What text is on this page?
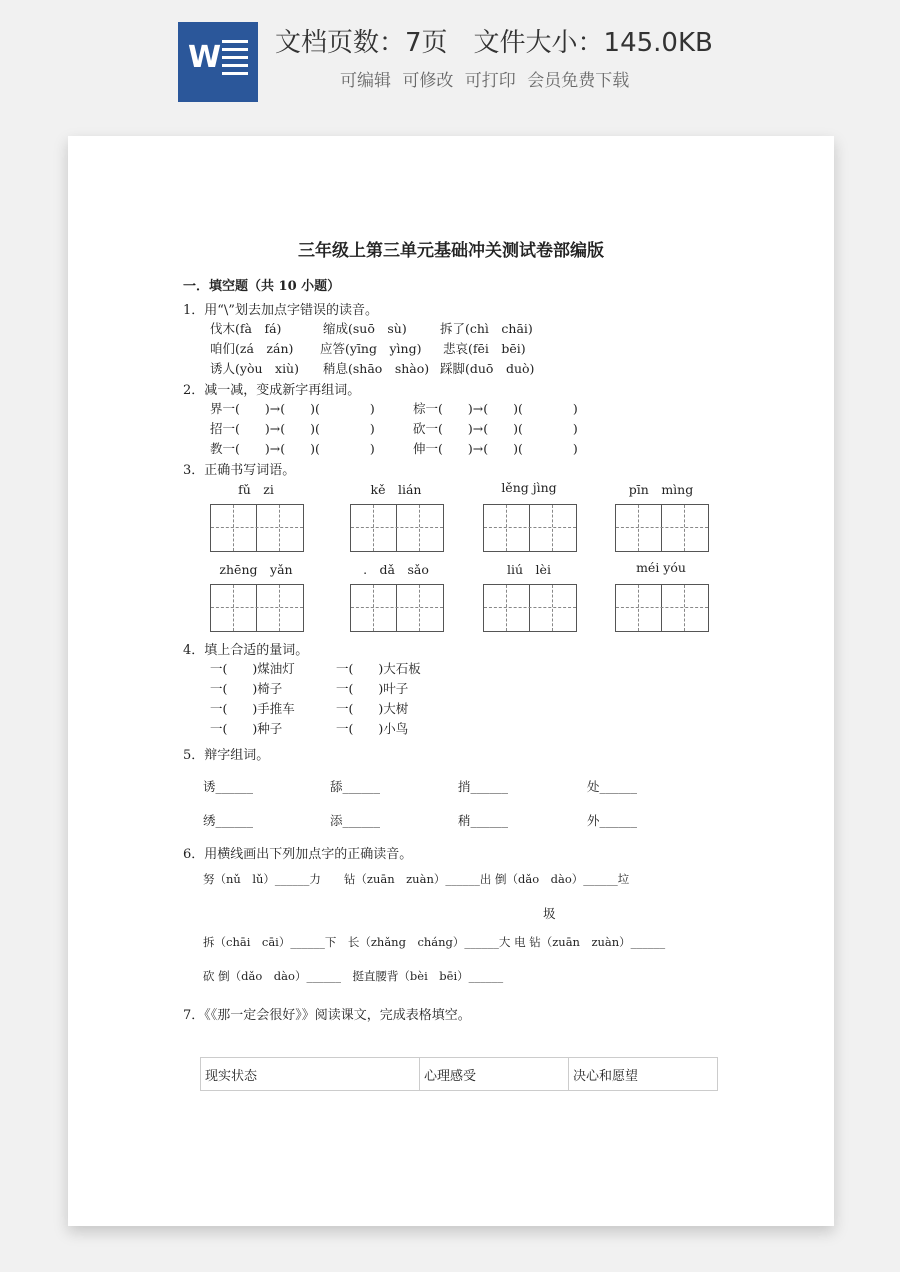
W 文档页数：7页　文件大小：145.0KB
可编辑 可修改 可打印 会员免费下载
三年级上第三单元基础冲关测试卷部编版
一．填空题（共 10 小题）
1．用“\”划去加点字错误的读音。
伐木(fà　fá)	缩成(suō　sù)	拆了(chì　chāi)
咱们(zá　zán) 应答(yīng　yìng) 悲哀(fēi　bēi)
诱人(yòu　xiù) 稍息(shāo　shào) 踩脚(duō　duò)
2．减一减，变成新字再组词。
界一(　　)→(　　)(　　　　)	棕一(　　)→(　　)(　　　　)
招一(　　)→(　　)(　　　　)	砍一(　　)→(　　)(　　　　)
教一(　　)→(　　)(　　　　)	伸一(　　)→(　　)(　　　　)
3．正确书写词语。
fǔ　zi	kě　lián	lěng jìng	pīn　mìng
zhēng　yǎn	.　dǎ　sǎo	liú　lèi	méi yóu
4．填上合适的量词。
一(　　)煤油灯	一(　　)大石板
一(　　)椅子	一(　　)叶子
一(　　)手推车	一(　　)大树
一(　　)种子	一(　　)小鸟
5．辩字组词。
诱______	舔______	捎______	处______
绣______	添______	稍______	外______
6．用横线画出下列加点字的正确读音。
努（nǔ　lǔ）______力　　钻（zuān　zuàn）______出 倒（dǎo　dào）______垃
圾
拆（chāi　cāi）______下　长（zhǎng　cháng）______大 电 钻（zuān　zuàn）______
砍 倒（dǎo　dào）______　挺直腰背（bèi　bēi）______
7．《《那一定会很好》》阅读课文，完成表格填空。
现实状态	心理感受	决心和愿望
